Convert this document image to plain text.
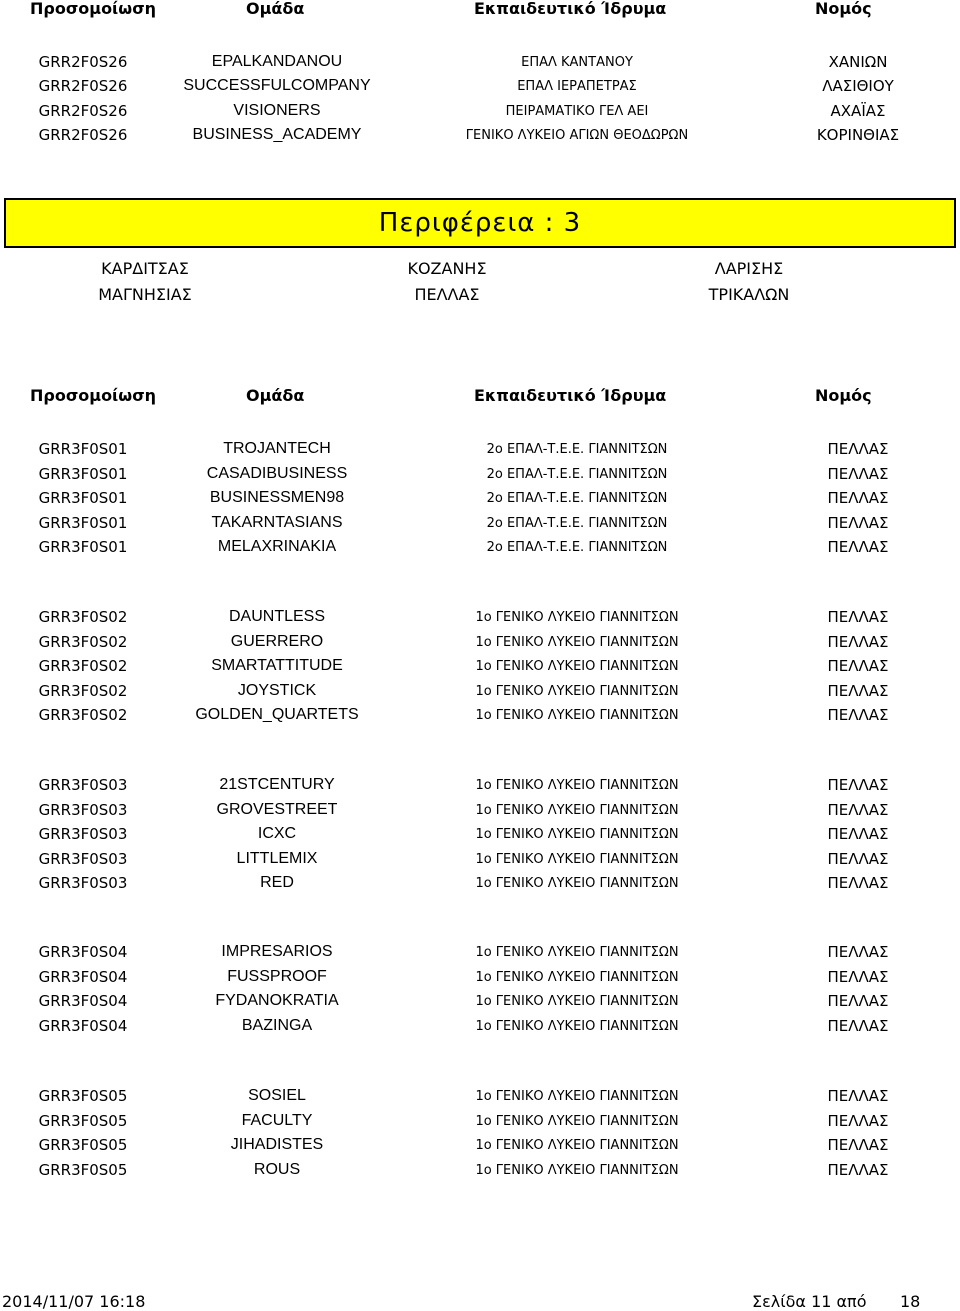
Προσομοίωση	Ομάδα	Εκπαιδευτικό Ίδρυμα	Νομός
GRR2F0S26	EPALKANDANOU	ΕΠΑΛ ΚΑΝΤΑΝΟΥ	ΧΑΝΙΩΝ
GRR2F0S26	SUCCESSFULCOMPANY	ΕΠΑΛ ΙΕΡΑΠΕΤΡΑΣ	ΛΑΣΙΘΙΟΥ
GRR2F0S26	VISIONERS	ΠΕΙΡΑΜΑΤΙΚΟ ΓΕΛ ΑΕΙ	ΑΧΑΪΑΣ
GRR2F0S26	BUSINESS_ACADEMY	ΓΕΝΙΚΟ ΛΥΚΕΙΟ ΑΓΙΩΝ ΘΕΟΔΩΡΩΝ	ΚΟΡΙΝΘΙΑΣ
Περιφέρεια : 3
ΚΑΡΔΙΤΣΑΣ	ΚΟΖΑΝΗΣ	ΛΑΡΙΣΗΣ
ΜΑΓΝΗΣΙΑΣ	ΠΕΛΛΑΣ	ΤΡΙΚΑΛΩΝ
Προσομοίωση	Ομάδα	Εκπαιδευτικό Ίδρυμα	Νομός
GRR3F0S01	TROJANTECH	2ο ΕΠΑΛ-Τ.Ε.Ε. ΓΙΑΝΝΙΤΣΩΝ	ΠΕΛΛΑΣ
GRR3F0S01	CASADIBUSINESS	2ο ΕΠΑΛ-Τ.Ε.Ε. ΓΙΑΝΝΙΤΣΩΝ	ΠΕΛΛΑΣ
GRR3F0S01	BUSINESSMEN98	2ο ΕΠΑΛ-Τ.Ε.Ε. ΓΙΑΝΝΙΤΣΩΝ	ΠΕΛΛΑΣ
GRR3F0S01	TAKARNTASIANS	2ο ΕΠΑΛ-Τ.Ε.Ε. ΓΙΑΝΝΙΤΣΩΝ	ΠΕΛΛΑΣ
GRR3F0S01	MELAXRINAKIA	2ο ΕΠΑΛ-Τ.Ε.Ε. ΓΙΑΝΝΙΤΣΩΝ	ΠΕΛΛΑΣ
GRR3F0S02	DAUNTLESS	1ο ΓΕΝΙΚΟ ΛΥΚΕΙΟ ΓΙΑΝΝΙΤΣΩΝ	ΠΕΛΛΑΣ
GRR3F0S02	GUERRERO	1ο ΓΕΝΙΚΟ ΛΥΚΕΙΟ ΓΙΑΝΝΙΤΣΩΝ	ΠΕΛΛΑΣ
GRR3F0S02	SMARTATTITUDE	1ο ΓΕΝΙΚΟ ΛΥΚΕΙΟ ΓΙΑΝΝΙΤΣΩΝ	ΠΕΛΛΑΣ
GRR3F0S02	JOYSTICK	1ο ΓΕΝΙΚΟ ΛΥΚΕΙΟ ΓΙΑΝΝΙΤΣΩΝ	ΠΕΛΛΑΣ
GRR3F0S02	GOLDEN_QUARTETS	1ο ΓΕΝΙΚΟ ΛΥΚΕΙΟ ΓΙΑΝΝΙΤΣΩΝ	ΠΕΛΛΑΣ
GRR3F0S03	21STCENTURY	1ο ΓΕΝΙΚΟ ΛΥΚΕΙΟ ΓΙΑΝΝΙΤΣΩΝ	ΠΕΛΛΑΣ
GRR3F0S03	GROVESTREET	1ο ΓΕΝΙΚΟ ΛΥΚΕΙΟ ΓΙΑΝΝΙΤΣΩΝ	ΠΕΛΛΑΣ
GRR3F0S03	ICXC	1ο ΓΕΝΙΚΟ ΛΥΚΕΙΟ ΓΙΑΝΝΙΤΣΩΝ	ΠΕΛΛΑΣ
GRR3F0S03	LITTLEMIX	1ο ΓΕΝΙΚΟ ΛΥΚΕΙΟ ΓΙΑΝΝΙΤΣΩΝ	ΠΕΛΛΑΣ
GRR3F0S03	RED	1ο ΓΕΝΙΚΟ ΛΥΚΕΙΟ ΓΙΑΝΝΙΤΣΩΝ	ΠΕΛΛΑΣ
GRR3F0S04	IMPRESARIOS	1ο ΓΕΝΙΚΟ ΛΥΚΕΙΟ ΓΙΑΝΝΙΤΣΩΝ	ΠΕΛΛΑΣ
GRR3F0S04	FUSSPROOF	1ο ΓΕΝΙΚΟ ΛΥΚΕΙΟ ΓΙΑΝΝΙΤΣΩΝ	ΠΕΛΛΑΣ
GRR3F0S04	FYDANOKRATIA	1ο ΓΕΝΙΚΟ ΛΥΚΕΙΟ ΓΙΑΝΝΙΤΣΩΝ	ΠΕΛΛΑΣ
GRR3F0S04	BAZINGA	1ο ΓΕΝΙΚΟ ΛΥΚΕΙΟ ΓΙΑΝΝΙΤΣΩΝ	ΠΕΛΛΑΣ
GRR3F0S05	SOSIEL	1ο ΓΕΝΙΚΟ ΛΥΚΕΙΟ ΓΙΑΝΝΙΤΣΩΝ	ΠΕΛΛΑΣ
GRR3F0S05	FACULTY	1ο ΓΕΝΙΚΟ ΛΥΚΕΙΟ ΓΙΑΝΝΙΤΣΩΝ	ΠΕΛΛΑΣ
GRR3F0S05	JIHADISTES	1ο ΓΕΝΙΚΟ ΛΥΚΕΙΟ ΓΙΑΝΝΙΤΣΩΝ	ΠΕΛΛΑΣ
GRR3F0S05	ROUS	1ο ΓΕΝΙΚΟ ΛΥΚΕΙΟ ΓΙΑΝΝΙΤΣΩΝ	ΠΕΛΛΑΣ
2014/11/07 16:18	Σελίδα 11 από 18
